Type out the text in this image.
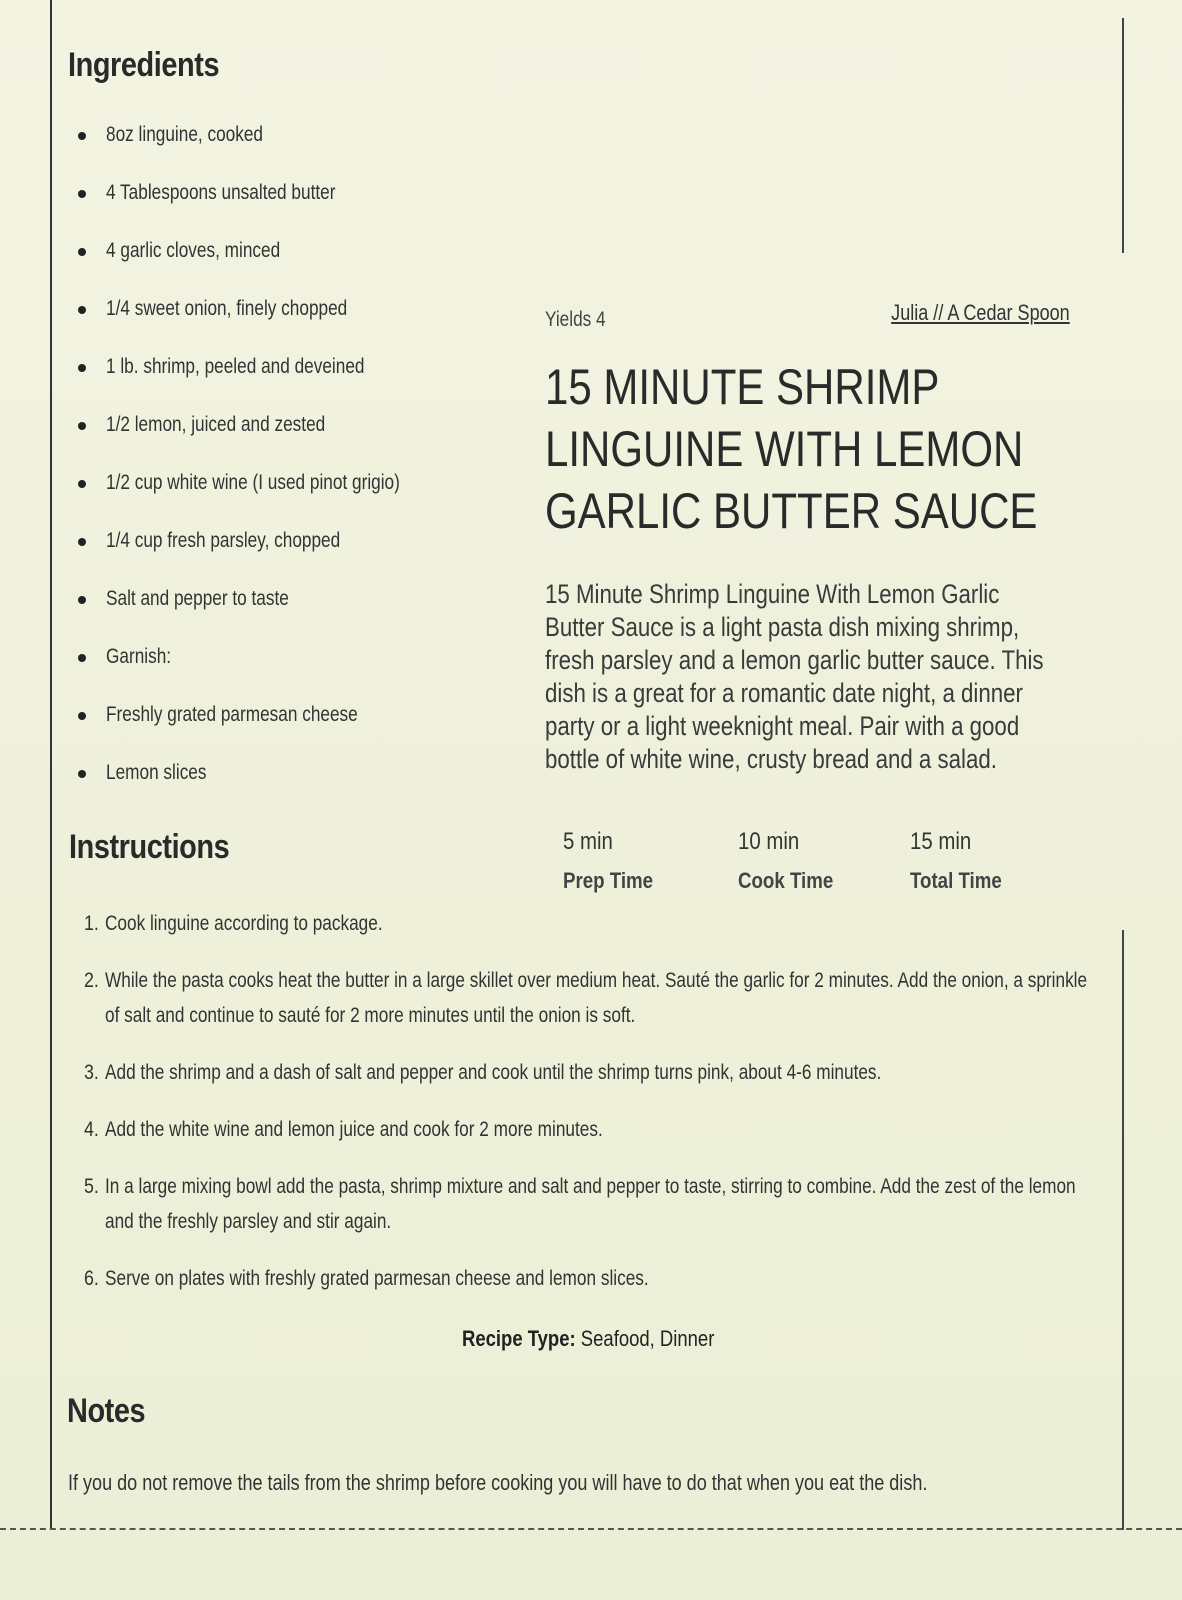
Ingredients
8oz linguine, cooked
4 Tablespoons unsalted butter
4 garlic cloves, minced
1/4 sweet onion, finely chopped
1 lb. shrimp, peeled and deveined
1/2 lemon, juiced and zested
1/2 cup white wine (I used pinot grigio)
1/4 cup fresh parsley, chopped
Salt and pepper to taste
Garnish:
Freshly grated parmesan cheese
Lemon slices
Yields 4	Julia // A Cedar Spoon
15 MINUTE SHRIMP LINGUINE WITH LEMON GARLIC BUTTER SAUCE

15 Minute Shrimp Linguine With Lemon Garlic Butter Sauce is a light pasta dish mixing shrimp, fresh parsley and a lemon garlic butter sauce. This dish is a great for a romantic date night, a dinner party or a light weeknight meal. Pair with a good bottle of white wine, crusty bread and a salad.

5 min
Prep Time
10 min
Cook Time
15 min
Total Time
Instructions
1. Cook linguine according to package.
2. While the pasta cooks heat the butter in a large skillet over medium heat. Sauté the garlic for 2 minutes. Add the onion, a sprinkle of salt and continue to sauté for 2 more minutes until the onion is soft.
3. Add the shrimp and a dash of salt and pepper and cook until the shrimp turns pink, about 4-6 minutes.
4. Add the white wine and lemon juice and cook for 2 more minutes.
5. In a large mixing bowl add the pasta, shrimp mixture and salt and pepper to taste, stirring to combine. Add the zest of the lemon and the freshly parsley and stir again.
6. Serve on plates with freshly grated parmesan cheese and lemon slices.
Recipe Type: Seafood, Dinner
Notes
If you do not remove the tails from the shrimp before cooking you will have to do that when you eat the dish.
